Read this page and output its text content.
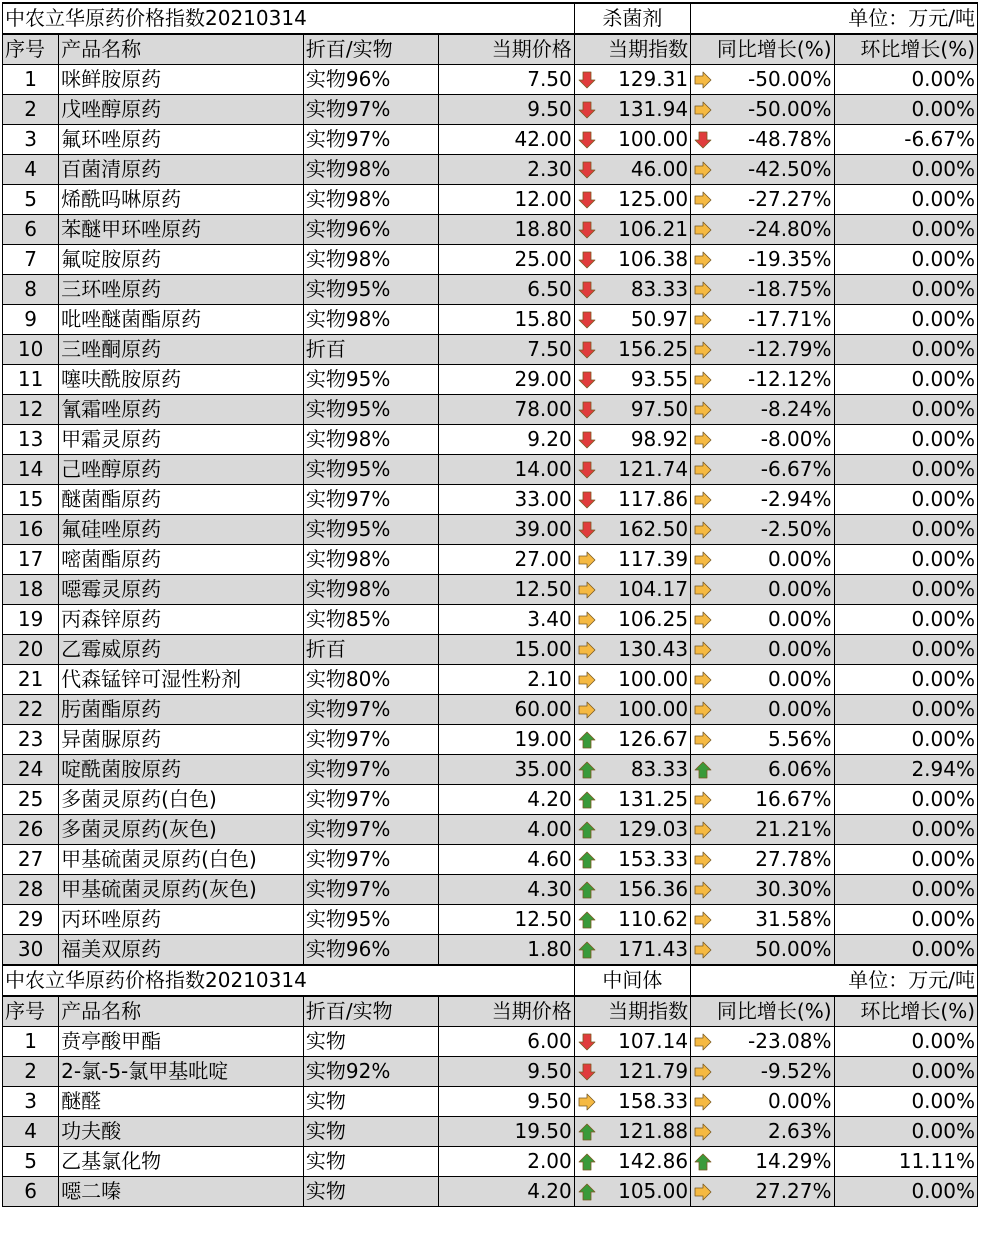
中农立华原药价格指数20210314				杀菌剂	单位：万元/吨	
序号	产品名称	折百/实物	当期价格	当期指数	同比增长(%)	环比增长(%)
1	咪鲜胺原药	实物96%	7.50	129.31	-50.00%	0.00%
2	戊唑醇原药	实物97%	9.50	131.94	-50.00%	0.00%
3	氟环唑原药	实物97%	42.00	100.00	-48.78%	-6.67%
4	百菌清原药	实物98%	2.30	46.00	-42.50%	0.00%
5	烯酰吗啉原药	实物98%	12.00	125.00	-27.27%	0.00%
6	苯醚甲环唑原药	实物96%	18.80	106.21	-24.80%	0.00%
7	氟啶胺原药	实物98%	25.00	106.38	-19.35%	0.00%
8	三环唑原药	实物95%	6.50	83.33	-18.75%	0.00%
9	吡唑醚菌酯原药	实物98%	15.80	50.97	-17.71%	0.00%
10	三唑酮原药	折百	7.50	156.25	-12.79%	0.00%
11	噻呋酰胺原药	实物95%	29.00	93.55	-12.12%	0.00%
12	氰霜唑原药	实物95%	78.00	97.50	-8.24%	0.00%
13	甲霜灵原药	实物98%	9.20	98.92	-8.00%	0.00%
14	己唑醇原药	实物95%	14.00	121.74	-6.67%	0.00%
15	醚菌酯原药	实物97%	33.00	117.86	-2.94%	0.00%
16	氟硅唑原药	实物95%	39.00	162.50	-2.50%	0.00%
17	嘧菌酯原药	实物98%	27.00	117.39	0.00%	0.00%
18	噁霉灵原药	实物98%	12.50	104.17	0.00%	0.00%
19	丙森锌原药	实物85%	3.40	106.25	0.00%	0.00%
20	乙霉威原药	折百	15.00	130.43	0.00%	0.00%
21	代森锰锌可湿性粉剂	实物80%	2.10	100.00	0.00%	0.00%
22	肟菌酯原药	实物97%	60.00	100.00	0.00%	0.00%
23	异菌脲原药	实物97%	19.00	126.67	5.56%	0.00%
24	啶酰菌胺原药	实物97%	35.00	83.33	6.06%	2.94%
25	多菌灵原药(白色)	实物97%	4.20	131.25	16.67%	0.00%
26	多菌灵原药(灰色)	实物97%	4.00	129.03	21.21%	0.00%
27	甲基硫菌灵原药(白色)	实物97%	4.60	153.33	27.78%	0.00%
28	甲基硫菌灵原药(灰色)	实物97%	4.30	156.36	30.30%	0.00%
29	丙环唑原药	实物95%	12.50	110.62	31.58%	0.00%
30	福美双原药	实物96%	1.80	171.43	50.00%	0.00%
中农立华原药价格指数20210314				中间体	单位：万元/吨	
序号	产品名称	折百/实物	当期价格	当期指数	同比增长(%)	环比增长(%)
1	贲亭酸甲酯	实物	6.00	107.14	-23.08%	0.00%
2	2-氯-5-氯甲基吡啶	实物92%	9.50	121.79	-9.52%	0.00%
3	醚醛	实物	9.50	158.33	0.00%	0.00%
4	功夫酸	实物	19.50	121.88	2.63%	0.00%
5	乙基氯化物	实物	2.00	142.86	14.29%	11.11%
6	噁二嗪	实物	4.20	105.00	27.27%	0.00%
